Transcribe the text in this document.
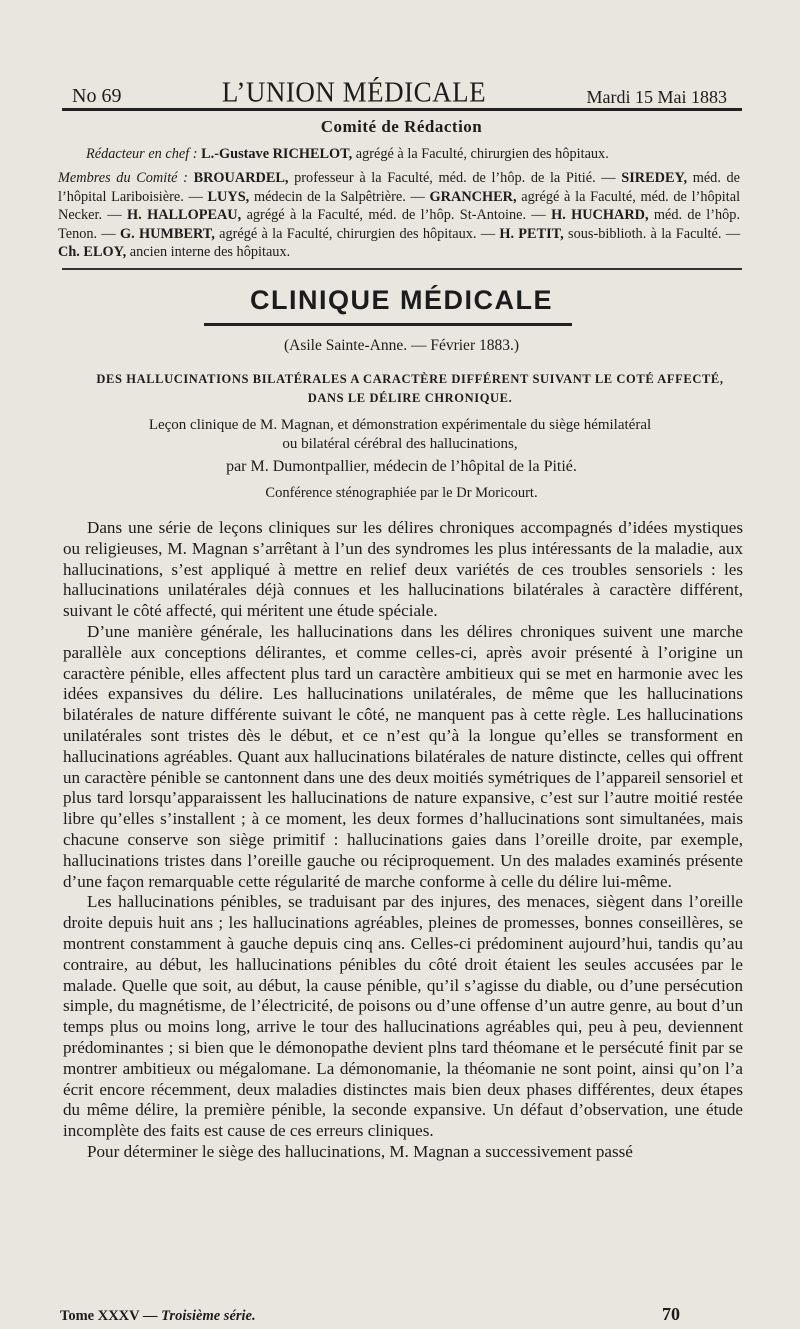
No 69	L’UNION MÉDICALE	Mardi 15 Mai 1883
Comité de Rédaction

Rédacteur en chef : L.-Gustave RICHELOT, agrégé à la Faculté, chirurgien des hôpitaux.

Membres du Comité : BROUARDEL, professeur à la Faculté, méd. de l’hôp. de la Pitié. — SIREDEY, méd. de l’hôpital Lariboisière. — LUYS, médecin de la Salpêtrière. — GRANCHER, agrégé à la Faculté, méd. de l’hôpital Necker. — H. HALLOPEAU, agrégé à la Faculté, méd. de l’hôp. St-Antoine. — H. HUCHARD, méd. de l’hôp. Tenon. — G. HUMBERT, agrégé à la Faculté, chirurgien des hôpitaux. — H. PETIT, sous-biblioth. à la Faculté. — Ch. ELOY, ancien interne des hôpitaux.

CLINIQUE MÉDICALE
(Asile Sainte-Anne. — Février 1883.)
DES HALLUCINATIONS BILATÉRALES A CARACTÈRE DIFFÉRENT SUIVANT LE COTÉ AFFECTÉ,
DANS LE DÉLIRE CHRONIQUE.
Leçon clinique de M. Magnan, et démonstration expérimentale du siège hémilatéral
ou bilatéral cérébral des hallucinations,
par M. Dumontpallier, médecin de l’hôpital de la Pitié.
Conférence sténographiée par le Dr Moricourt.

Dans une série de leçons cliniques sur les délires chroniques accompagnés d’idées mystiques ou religieuses, M. Magnan s’arrêtant à l’un des syndromes les plus intéressants de la maladie, aux hallucinations, s’est appliqué à mettre en relief deux variétés de ces troubles sensoriels : les hallucinations unilatérales déjà connues et les hallucinations bilatérales à caractère différent, suivant le côté affecté, qui méritent une étude spéciale.

D’une manière générale, les hallucinations dans les délires chroniques suivent une marche parallèle aux conceptions délirantes, et comme celles-ci, après avoir présenté à l’origine un caractère pénible, elles affectent plus tard un caractère ambitieux qui se met en harmonie avec les idées expansives du délire. Les hallucinations unilatérales, de même que les hallucinations bilatérales de nature différente suivant le côté, ne manquent pas à cette règle. Les hallucinations unilatérales sont tristes dès le début, et ce n’est qu’à la longue qu’elles se transforment en hallucinations agréables. Quant aux hallucinations bilatérales de nature distincte, celles qui offrent un caractère pénible se cantonnent dans une des deux moitiés symétriques de l’appareil sensoriel et plus tard lorsqu’apparaissent les hallucinations de nature expansive, c’est sur l’autre moitié restée libre qu’elles s’installent ; à ce moment, les deux formes d’hallucinations sont simultanées, mais chacune conserve son siège primitif : hallucinations gaies dans l’oreille droite, par exemple, hallucinations tristes dans l’oreille gauche ou réciproquement. Un des malades examinés présente d’une façon remarquable cette régularité de marche conforme à celle du délire lui-même.

Les hallucinations pénibles, se traduisant par des injures, des menaces, siègent dans l’oreille droite depuis huit ans ; les hallucinations agréables, pleines de promesses, bonnes conseillères, se montrent constamment à gauche depuis cinq ans. Celles-ci prédominent aujourd’hui, tandis qu’au contraire, au début, les hallucinations pénibles du côté droit étaient les seules accusées par le malade. Quelle que soit, au début, la cause pénible, qu’il s’agisse du diable, ou d’une persécution simple, du magnétisme, de l’électricité, de poisons ou d’une offense d’un autre genre, au bout d’un temps plus ou moins long, arrive le tour des hallucinations agréables qui, peu à peu, deviennent prédominantes ; si bien que le démonopathe devient plns tard théomane et le persécuté finit par se montrer ambitieux ou mégalomane. La démonomanie, la théomanie ne sont point, ainsi qu’on l’a écrit encore récemment, deux maladies distinctes mais bien deux phases différentes, deux étapes du même délire, la première pénible, la seconde expansive. Un défaut d’observation, une étude incomplète des faits est cause de ces erreurs cliniques.

Pour déterminer le siège des hallucinations, M. Magnan a successivement passé

Tome XXXV — Troisième série.	70
